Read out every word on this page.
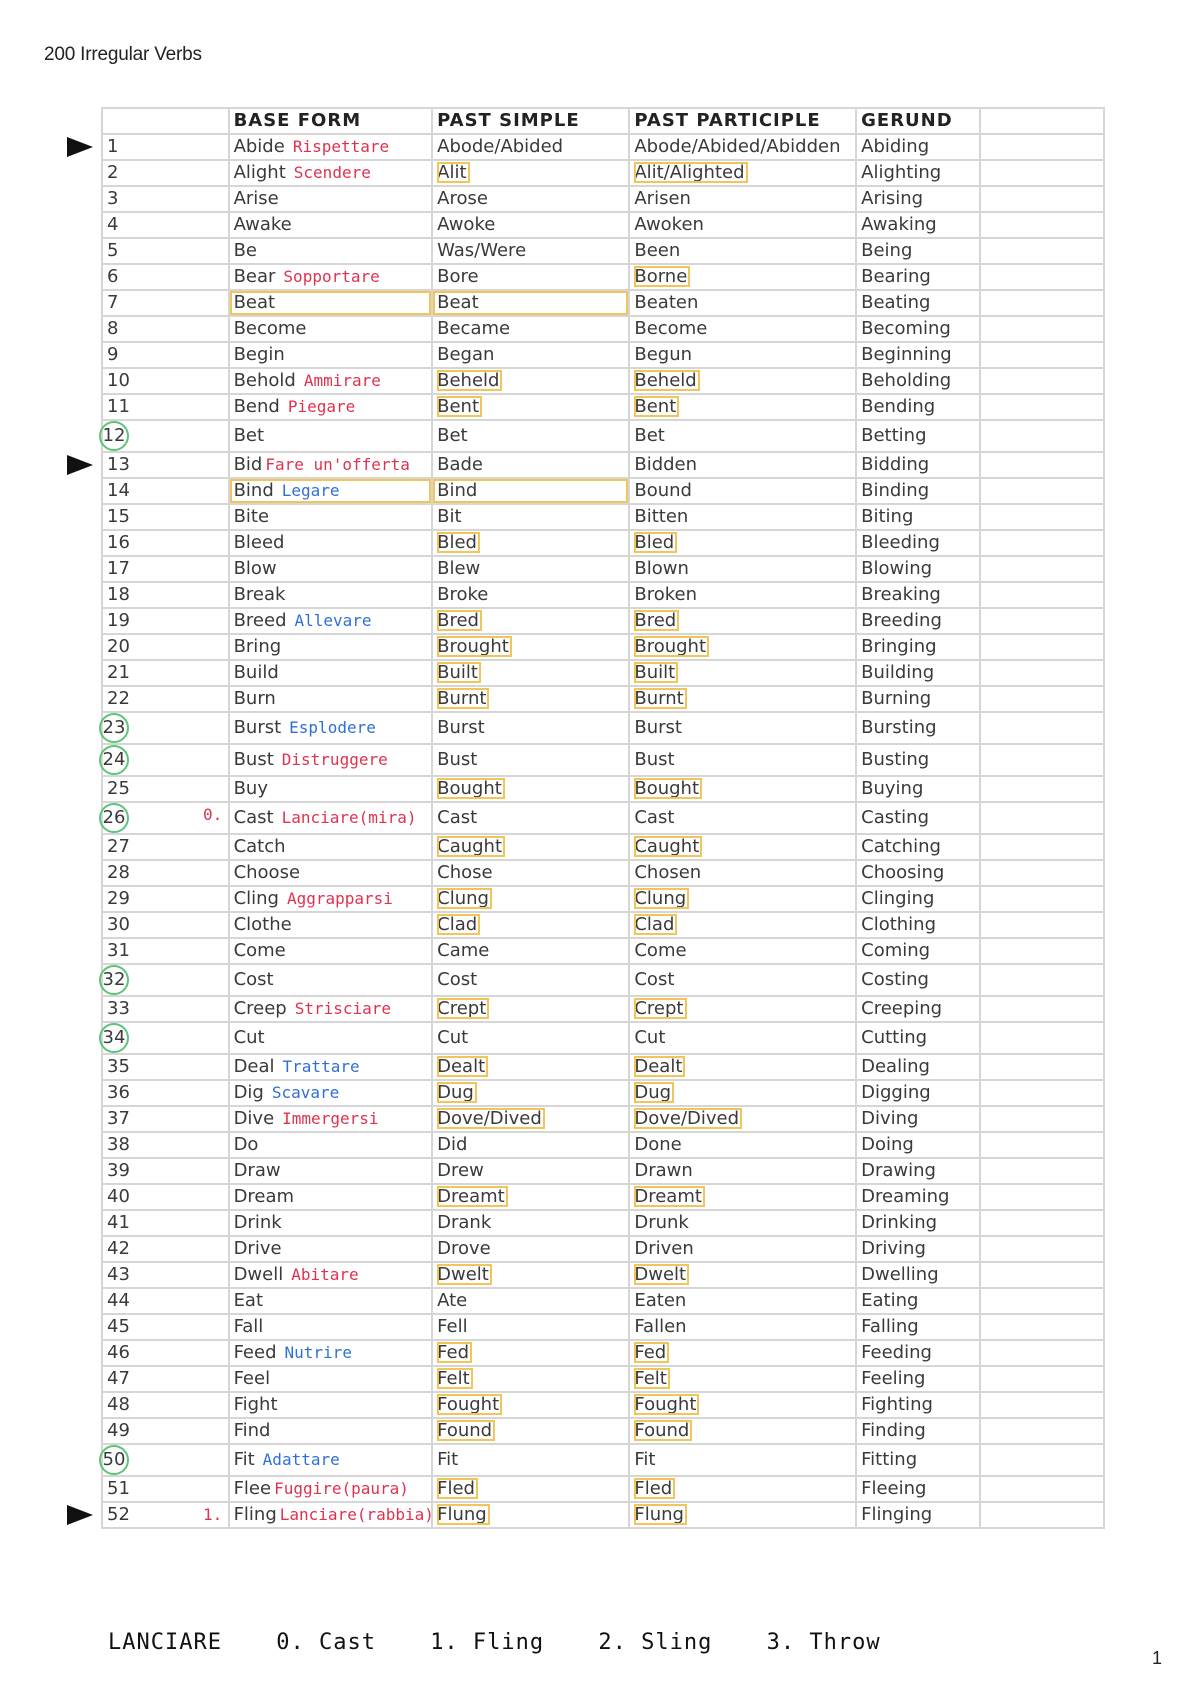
200 Irregular Verbs
	BASE FORM	PAST SIMPLE	PAST PARTICIPLE	GERUND	
1	Abide Rispettare	Abode/Abided	Abode/Abided/Abidden	Abiding	
2	Alight Scendere	Alit	Alit/Alighted	Alighting	
3	Arise	Arose	Arisen	Arising	
4	Awake	Awoke	Awoken	Awaking	
5	Be	Was/Were	Been	Being	
6	Bear Sopportare	Bore	Borne	Bearing	
7	Beat	Beat	Beaten	Beating	
8	Become	Became	Become	Becoming	
9	Begin	Began	Begun	Beginning	
10	Behold Ammirare	Beheld	Beheld	Beholding	
11	Bend Piegare	Bent	Bent	Bending	
12	Bet	Bet	Bet	Betting	
13	Bid Fare un'offerta	Bade	Bidden	Bidding	
14	Bind Legare	Bind	Bound	Binding	
15	Bite	Bit	Bitten	Biting	
16	Bleed	Bled	Bled	Bleeding	
17	Blow	Blew	Blown	Blowing	
18	Break	Broke	Broken	Breaking	
19	Breed Allevare	Bred	Bred	Breeding	
20	Bring	Brought	Brought	Bringing	
21	Build	Built	Built	Building	
22	Burn	Burnt	Burnt	Burning	
23	Burst Esplodere	Burst	Burst	Bursting	
24	Bust Distruggere	Bust	Bust	Busting	
25	Buy	Bought	Bought	Buying	
26 0.	Cast Lanciare(mira)	Cast	Cast	Casting	
27	Catch	Caught	Caught	Catching	
28	Choose	Chose	Chosen	Choosing	
29	Cling Aggrapparsi	Clung	Clung	Clinging	
30	Clothe	Clad	Clad	Clothing	
31	Come	Came	Come	Coming	
32	Cost	Cost	Cost	Costing	
33	Creep Strisciare	Crept	Crept	Creeping	
34	Cut	Cut	Cut	Cutting	
35	Deal Trattare	Dealt	Dealt	Dealing	
36	Dig Scavare	Dug	Dug	Digging	
37	Dive Immergersi	Dove/Dived	Dove/Dived	Diving	
38	Do	Did	Done	Doing	
39	Draw	Drew	Drawn	Drawing	
40	Dream	Dreamt	Dreamt	Dreaming	
41	Drink	Drank	Drunk	Drinking	
42	Drive	Drove	Driven	Driving	
43	Dwell Abitare	Dwelt	Dwelt	Dwelling	
44	Eat	Ate	Eaten	Eating	
45	Fall	Fell	Fallen	Falling	
46	Feed Nutrire	Fed	Fed	Feeding	
47	Feel	Felt	Felt	Feeling	
48	Fight	Fought	Fought	Fighting	
49	Find	Found	Found	Finding	
50	Fit Adattare	Fit	Fit	Fitting	
51	Flee Fuggire(paura)	Fled	Fled	Fleeing	
52 1.	Fling Lanciare(rabbia)	Flung	Flung	Flinging	
LANCIARE 0. Cast 1. Fling 2. Sling 3. Throw
1
